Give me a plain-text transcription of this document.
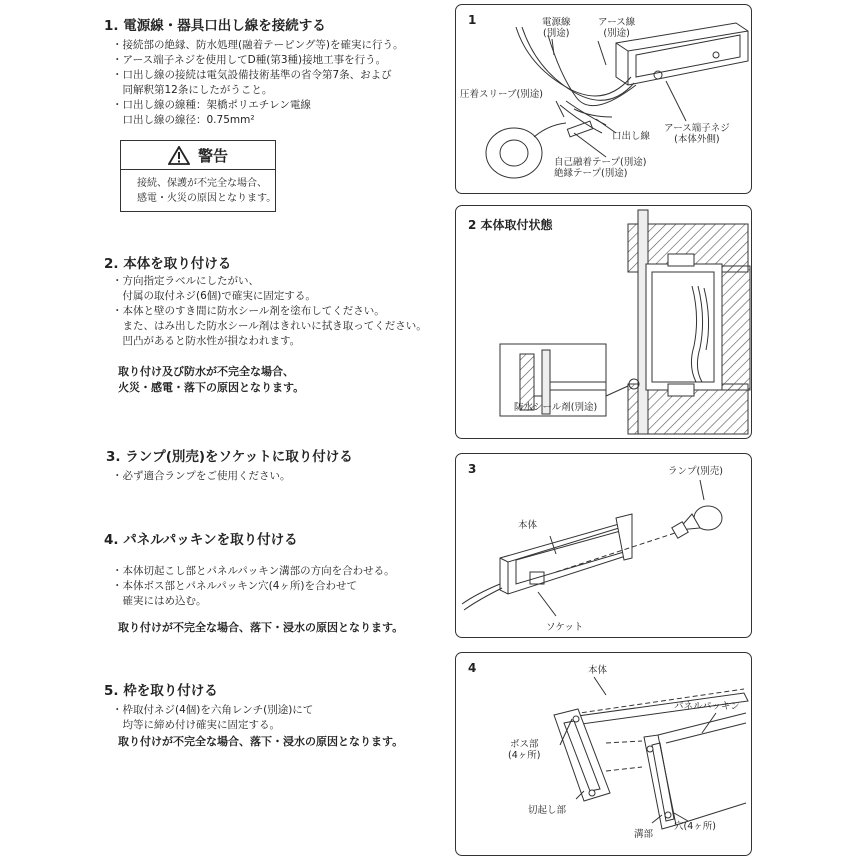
1. 電源線・器具口出し線を接続する
・接続部の絶縁、防水処理(融着テーピング等)を確実に行う。
・アース端子ネジを使用してD種(第3種)接地工事を行う。
・口出し線の接続は電気設備技術基準の省令第7条、および
　同解釈第12条にしたがうこと。
・口出し線の線種：架橋ポリエチレン電線
　口出し線の線径：0.75mm²
警告
接続、保護が不完全な場合、
感電・火災の原因となります。
2. 本体を取り付ける
・方向指定ラベルにしたがい、
　付属の取付ネジ(6個)で確実に固定する。
・本体と壁のすき間に防水シール剤を塗布してください。
　また、はみ出した防水シール剤はきれいに拭き取ってください。
　凹凸があると防水性が損なわれます。
取り付け及び防水が不完全な場合、
火災・感電・落下の原因となります。
3. ランプ(別売)をソケットに取り付ける
・必ず適合ランプをご使用ください。
4. パネルパッキンを取り付ける
・本体切起こし部とパネルパッキン溝部の方向を合わせる。
・本体ボス部とパネルパッキン穴(4ヶ所)を合わせて
　確実にはめ込む。
取り付けが不完全な場合、落下・浸水の原因となります。
5. 枠を取り付ける
・枠取付ネジ(4個)を六角レンチ(別途)にて
　均等に締め付け確実に固定する。
取り付けが不完全な場合、落下・浸水の原因となります。
1	電源線
(別途)
アース線
(別途)
圧着スリーブ(別途)
口出し線
アース端子ネジ
(本体外側)
自己融着テープ(別途)
絶縁テープ(別途)
2 本体取付状態
防水シール剤(別途)
3
本体
ランプ(別売)
ソケット
4	本体
パネルパッキン
ボス部
(4ヶ所)
切起し部
溝部
穴(4ヶ所)
